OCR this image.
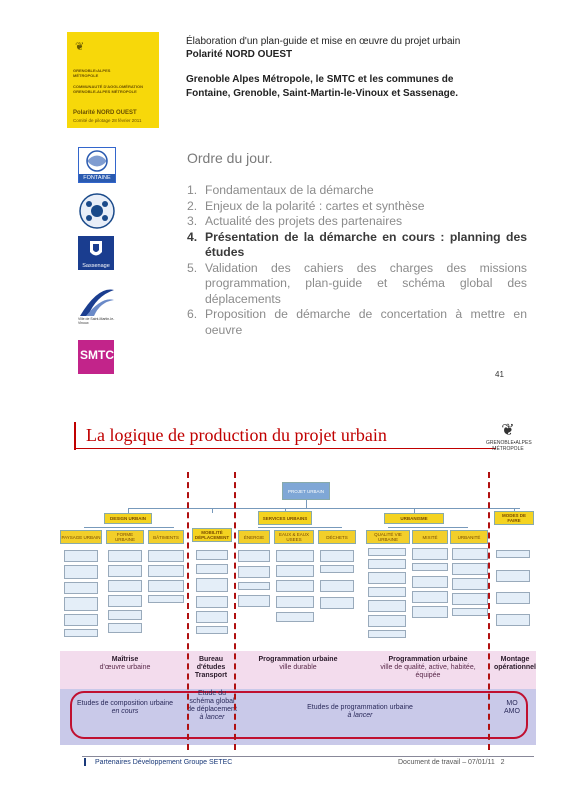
❦
GRENOBLE•ALPES
MÉTROPOLE
COMMUNAUTÉ D'AGGLOMÉRATION
GRENOBLE-ALPES MÉTROPOLE
Polarité NORD OUEST
Comité de pilotage 28 février 2011
Élaboration d'un plan-guide et mise en œuvre du projet urbain
Polarité NORD OUEST
Grenoble Alpes Métropole, le SMTC et les communes de
Fontaine, Grenoble, Saint-Martin-le-Vinoux et Sassenage.
FONTAINE
Sassenage
Ville de Saint-Martin-le-Vinoux
SMTC
Ordre du jour.
1. Fondamentaux de la démarche
2. Enjeux de la polarité : cartes et synthèse
3. Actualité des projets des partenaires
4. Présentation de la démarche en cours : planning des études
5. Validation des cahiers des charges des missions programmation, plan-guide et schéma global des déplacements
6. Proposition de démarche de concertation à mettre en oeuvre
41
La logique de production du projet urbain	❦
GRENOBLE•ALPES
MÉTROPOLE
PROJET URBAIN
DESIGN URBAIN
MOBILITÉ DÉPLACEMENT
SERVICES URBAINS	URBANISME
MODES DE FAIRE
PAYSAGE URBAIN	FORME URBAINE	BÂTIMENTS	ÉNERGIE	EAUX & EAUX USEES	DÉCHETS	QUALITÉ VIE URBAINE	MIXITÉ	URBANITÉ
Maîtrise
d'œuvre urbaine
Bureau d'études Transport
Programmation urbaine
ville durable
Programmation urbaine
ville de qualité, active, habitée, équipée
Montage opérationnel
Etudes de composition urbaine
en cours
Etude du schéma global de déplacement
à lancer
Etudes de programmation urbaine
à lancer
MO AMO
Partenaires Développement Groupe SETEC	Document de travail – 07/01/11 2
